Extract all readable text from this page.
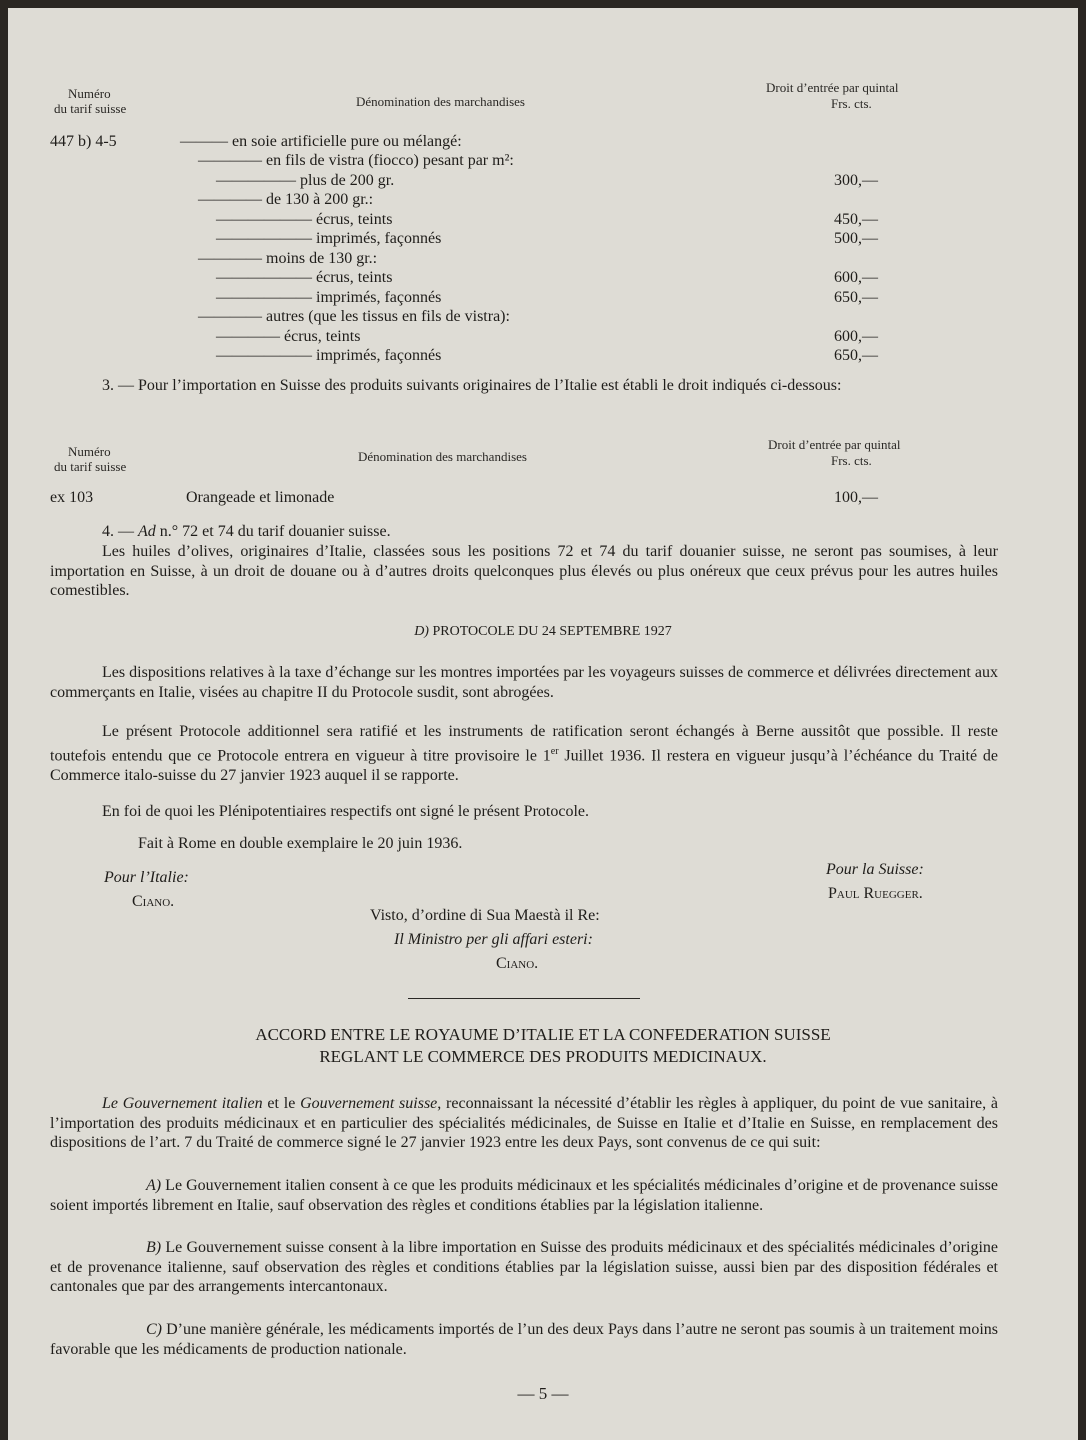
Numéro
du tarif suisse	Dénomination des marchandises
Droit d’entrée par quintal
Frs. cts.
447 b) 4-5	——— en soie artificielle pure ou mélangé:
———— en fils de vistra (fiocco) pesant par m²:
————— plus de 200 gr.	300,—
———— de 130 à 200 gr.:
—————— écrus, teints	450,—
—————— imprimés, façonnés	500,—
———— moins de 130 gr.:
—————— écrus, teints	600,—
—————— imprimés, façonnés	650,—
———— autres (que les tissus en fils de vistra):
———— écrus, teints	600,—
—————— imprimés, façonnés	650,—
3. — Pour l’importation en Suisse des produits suivants originaires de l’Italie est établi le droit indiqués ci-dessous:
Numéro
du tarif suisse
Dénomination des marchandises
Droit d’entrée par quintal
Frs. cts.
ex 103	Orangeade et limonade	100,—
4. — Ad n.° 72 et 74 du tarif douanier suisse.
Les huiles d’olives, originaires d’Italie, classées sous les positions 72 et 74 du tarif douanier suisse, ne seront pas soumises, à leur importation en Suisse, à un droit de douane ou à d’autres droits quelconques plus élevés ou plus onéreux que ceux prévus pour les autres huiles comestibles.
D) PROTOCOLE DU 24 SEPTEMBRE 1927
Les dispositions relatives à la taxe d’échange sur les montres importées par les voyageurs suisses de commerce et délivrées directement aux commerçants en Italie, visées au chapitre II du Protocole susdit, sont abrogées.
Le présent Protocole additionnel sera ratifié et les instruments de ratification seront échangés à Berne aussitôt que possible. Il reste toutefois entendu que ce Protocole entrera en vigueur à titre provisoire le 1er Juillet 1936. Il restera en vigueur jusqu’à l’échéance du Traité de Commerce italo-suisse du 27 janvier 1923 auquel il se rapporte.
En foi de quoi les Plénipotentiaires respectifs ont signé le présent Protocole.
Fait à Rome en double exemplaire le 20 juin 1936.
Pour l’Italie:
Ciano.
Pour la Suisse:
Paul Ruegger.
Visto, d’ordine di Sua Maestà il Re:
Il Ministro per gli affari esteri:
Ciano.
ACCORD ENTRE LE ROYAUME D’ITALIE ET LA CONFEDERATION SUISSE
REGLANT LE COMMERCE DES PRODUITS MEDICINAUX.
Le Gouvernement italien et le Gouvernement suisse, reconnaissant la nécessité d’établir les règles à appliquer, du point de vue sanitaire, à l’importation des produits médicinaux et en particulier des spécialités médicinales, de Suisse en Italie et d’Italie en Suisse, en remplacement des dispositions de l’art. 7 du Traité de commerce signé le 27 janvier 1923 entre les deux Pays, sont convenus de ce qui suit:
A) Le Gouvernement italien consent à ce que les produits médicinaux et les spécialités médicinales d’origine et de provenance suisse soient importés librement en Italie, sauf observation des règles et conditions établies par la législation italienne.
B) Le Gouvernement suisse consent à la libre importation en Suisse des produits médicinaux et des spécialités médicinales d’origine et de provenance italienne, sauf observation des règles et conditions établies par la législation suisse, aussi bien par des disposition fédérales et cantonales que par des arrangements intercantonaux.
C) D’une manière générale, les médicaments importés de l’un des deux Pays dans l’autre ne seront pas soumis à un traitement moins favorable que les médicaments de production nationale.
— 5 —
